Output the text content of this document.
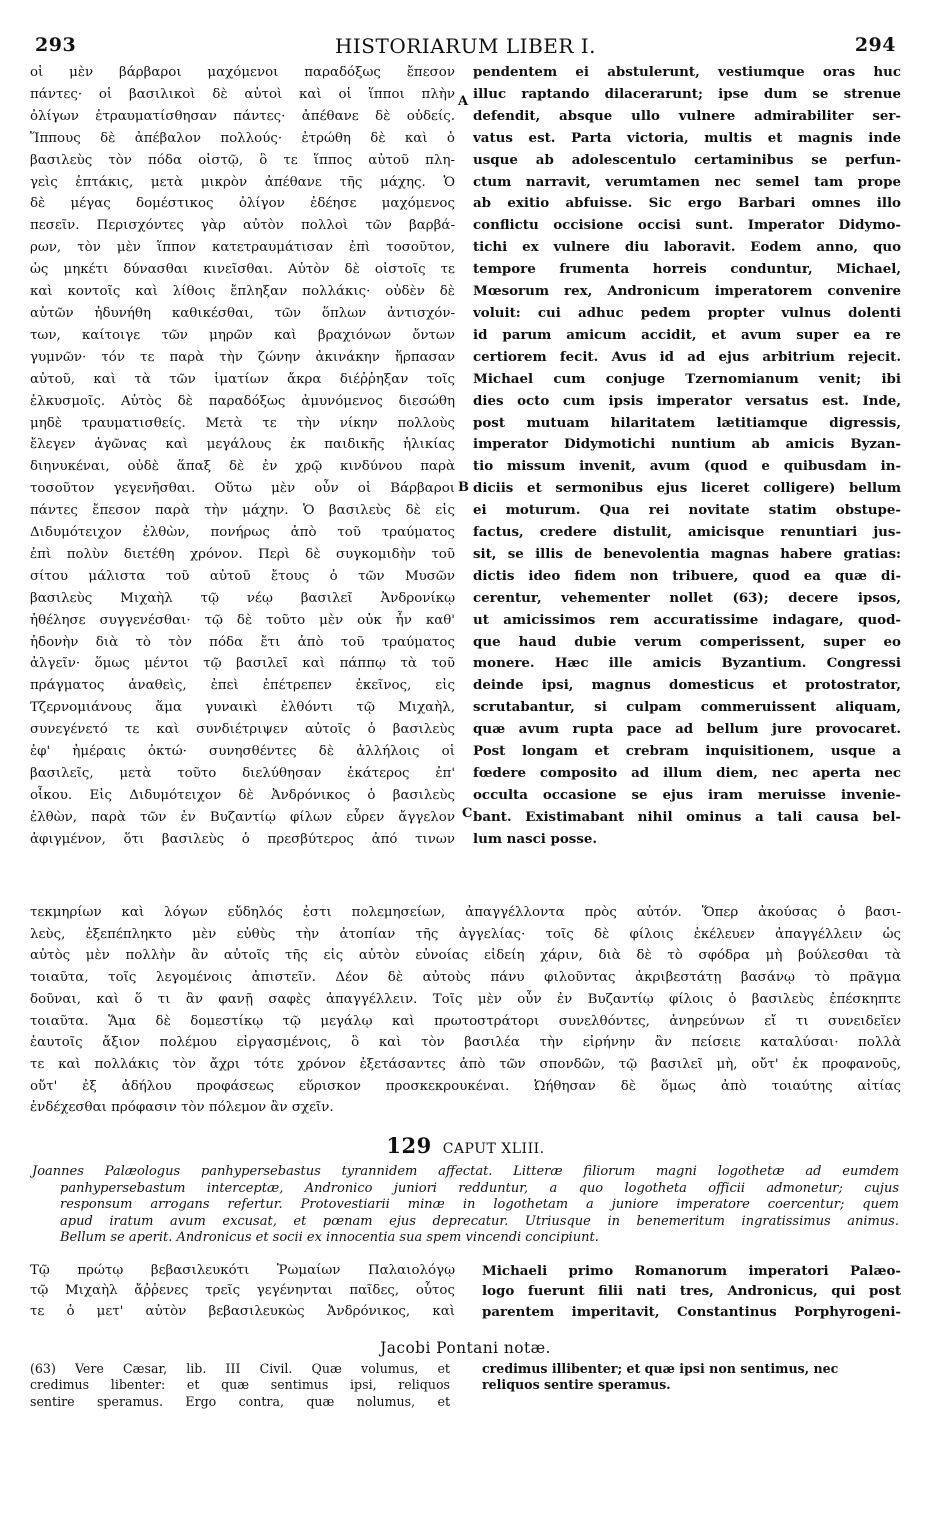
293	HISTORIARUM LIBER I.	294
οἱ μὲν βάρβαροι μαχόμενοι παραδόξως ἔπεσον
πάντες· οἱ βασιλικοὶ δὲ αὐτοὶ καὶ οἱ ἵπποι πλὴν
ὀλίγων ἐτραυματίσθησαν πάντες· ἀπέθανε δὲ οὐδείς.
Ἵππους δὲ ἀπέβαλον πολλούς· ἐτρώθη δὲ καὶ ὁ
βασιλεὺς τὸν πόδα οἰστῷ, ὃ τε ἵππος αὐτοῦ πλη-
γεὶς ἑπτάκις, μετὰ μικρὸν ἀπέθανε τῆς μάχης. Ὁ
δὲ μέγας δομέστικος ὀλίγον ἐδέησε μαχόμενος
πεσεῖν. Περισχόντες γὰρ αὐτὸν πολλοὶ τῶν βαρβά-
ρων, τὸν μὲν ἵππον κατετραυμάτισαν ἐπὶ τοσοῦτον,
ὡς μηκέτι δύνασθαι κινεῖσθαι. Αὐτὸν δὲ οἰστοῖς τε
καὶ κοντοῖς καὶ λίθοις ἔπληξαν πολλάκις· οὐδὲν δὲ
αὐτῶν ἠδυνήθη καθικέσθαι, τῶν ὅπλων ἀντισχόν-
των, καίτοιγε τῶν μηρῶν καὶ βραχιόνων ὄντων
γυμνῶν· τόν τε παρὰ τὴν ζώνην ἀκινάκην ἥρπασαν
αὐτοῦ, καὶ τὰ τῶν ἱματίων ἄκρα διέῤῥηξαν τοῖς
ἑλκυσμοῖς. Αὐτὸς δὲ παραδόξως ἀμυνόμενος διεσώθη
μηδὲ τραυματισθείς. Μετὰ τε τὴν νίκην πολλοὺς
ἔλεγεν ἀγῶνας καὶ μεγάλους ἐκ παιδικῆς ἡλικίας
διηνυκέναι, οὐδὲ ἅπαξ δὲ ἐν χρῷ κινδύνου παρὰ
τοσοῦτον γεγενῆσθαι. Οὕτω μὲν οὖν οἱ Βάρβαροι
πάντες ἔπεσον παρὰ τὴν μάχην. Ὁ βασιλεὺς δὲ εἰς
Διδυμότειχον ἐλθὼν, πονήρως ἀπὸ τοῦ τραύματος
ἐπὶ πολὺν διετέθη χρόνον. Περὶ δὲ συγκομιδὴν τοῦ
σίτου μάλιστα τοῦ αὐτοῦ ἔτους ὁ τῶν Μυσῶν
βασιλεὺς Μιχαὴλ τῷ νέῳ βασιλεῖ Ἀνδρονίκῳ
ἠθέλησε συγγενέσθαι· τῷ δὲ τοῦτο μὲν οὐκ ἦν καθ'
ἡδονὴν διὰ τὸ τὸν πόδα ἔτι ἀπὸ τοῦ τραύματος
ἀλγεῖν· ὅμως μέντοι τῷ βασιλεῖ καὶ πάππῳ τὰ τοῦ
πράγματος ἀναθεὶς, ἐπεὶ ἐπέτρεπεν ἐκεῖνος, εἰς
Τζερνομιάνους ἅμα γυναικὶ ἐλθόντι τῷ Μιχαὴλ,
συνεγένετό τε καὶ συνδιέτριψεν αὐτοῖς ὁ βασιλεὺς
ἐφ' ἡμέραις ὀκτώ· συνησθέντες δὲ ἀλλήλοις οἱ
βασιλεῖς, μετὰ τοῦτο διελύθησαν ἑκάτερος ἐπ'
οἶκου. Εἰς Διδυμότειχον δὲ Ἀνδρόνικος ὁ βασιλεὺς
ἐλθὼν, παρὰ τῶν ἐν Βυζαντίῳ φίλων εὗρεν ἄγγελον
ἀφιγμένον, ὅτι βασιλεὺς ὁ πρεσβύτερος ἀπό τινων
A
B
C
pendentem ei abstulerunt, vestiumque oras huc
illuc raptando dilacerarunt; ipse dum se strenue
defendit, absque ullo vulnere admirabiliter ser-
vatus est. Parta victoria, multis et magnis inde
usque ab adolescentulo certaminibus se perfun-
ctum narravit, verumtamen nec semel tam prope
ab exitio abfuisse. Sic ergo Barbari omnes illo
conflictu occisione occisi sunt. Imperator Didymo-
tichi ex vulnere diu laboravit. Eodem anno, quo
tempore frumenta horreis conduntur, Michael,
Mœsorum rex, Andronicum imperatorem convenire
voluit: cui adhuc pedem propter vulnus dolenti
id parum amicum accidit, et avum super ea re
certiorem fecit. Avus id ad ejus arbitrium rejecit.
Michael cum conjuge Tzernomianum venit; ibi
dies octo cum ipsis imperator versatus est. Inde,
post mutuam hilaritatem lætitiamque digressis,
imperator Didymotichi nuntium ab amicis Byzan-
tio missum invenit, avum (quod e quibusdam in-
diciis et sermonibus ejus liceret colligere) bellum
ei moturum. Qua rei novitate statim obstupe-
factus, credere distulit, amicisque renuntiari jus-
sit, se illis de benevolentia magnas habere gratias:
dictis ideo fidem non tribuere, quod ea quæ di-
cerentur, vehementer nollet (63); decere ipsos,
ut amicissimos rem accuratissime indagare, quod-
que haud dubie verum comperissent, super eo
monere. Hæc ille amicis Byzantium. Congressi
deinde ipsi, magnus domesticus et protostrator,
scrutabantur, si culpam commeruissent aliquam,
quæ avum rupta pace ad bellum jure provocaret.
Post longam et crebram inquisitionem, usque a
fœdere composito ad illum diem, nec aperta nec
occulta occasione se ejus iram meruisse invenie-
bant. Existimabant nihil ominus a tali causa bel-
lum nasci posse.
τεκμηρίων καὶ λόγων εὔδηλός ἐστι πολεμησείων, ἀπαγγέλλοντα πρὸς αὐτόν. Ὅπερ ἀκούσας ὁ βασι-
λεὺς, ἐξεπέπληκτο μὲν εὐθὺς τὴν ἀτοπίαν τῆς ἀγγελίας· τοῖς δὲ φίλοις ἐκέλευεν ἀπαγγέλλειν ὡς
αὐτὸς μὲν πολλὴν ἂν αὐτοῖς τῆς εἰς αὐτὸν εὐνοίας εἰδείη χάριν, διὰ δὲ τὸ σφόδρα μὴ βούλεσθαι τὰ
τοιαῦτα, τοῖς λεγομένοις ἀπιστεῖν. Δέον δὲ αὐτοὺς πάνυ φιλοῦντας ἀκριβεστάτῃ βασάνῳ τὸ πρᾶγμα
δοῦναι, καὶ ὅ τι ἂν φανῇ σαφὲς ἀπαγγέλλειν. Τοῖς μὲν οὖν ἐν Βυζαντίῳ φίλοις ὁ βασιλεὺς ἐπέσκηπτε
τοιαῦτα. Ἅμα δὲ δομεστίκῳ τῷ μεγάλῳ καὶ πρωτοστράτορι συνελθόντες, ἀνηρεύνων εἴ τι συνειδεῖεν
ἑαυτοῖς ἄξιον πολέμου εἰργασμένοις, ὃ καὶ τὸν βασιλέα τὴν εἰρήνην ἂν πείσειε καταλύσαι· πολλὰ
τε καὶ πολλάκις τὸν ἄχρι τότε χρόνον ἐξετάσαντες ἀπὸ τῶν σπονδῶν, τῷ βασιλεῖ μὴ, οὔτ' ἐκ προφανοῦς,
οὔτ' ἐξ ἀδήλου προφάσεως εὕρισκον προσκεκρουκέναι. Ὠήθησαν δὲ ὅμως ἀπὸ τοιαύτης αἰτίας
ἐνδέχεσθαι πρόφασιν τὸν πόλεμον ἂν σχεῖν.
129 CAPUT XLIII.
Joannes Palæologus panhypersebastus tyrannidem affectat. Litteræ filiorum magni logothetæ ad eumdem
panhypersebastum interceptæ, Andronico juniori redduntur, a quo logotheta officii admonetur; cujus
responsum arrogans refertur. Protovestiarii minæ in logothetam a juniore imperatore coercentur; quem
apud iratum avum excusat, et pœnam ejus deprecatur. Utriusque in benemeritum ingratissimus animus.
Bellum se aperit. Andronicus et socii ex innocentia sua spem vincendi concipiunt.
Τῷ πρώτῳ βεβασιλευκότι Ῥωμαίων Παλαιολόγῳ
τῷ Μιχαὴλ ἄῤῥενες τρεῖς γεγένηνται παῖδες, οὗτος
τε ὁ μετ' αὐτὸν βεβασιλευκὼς Ἀνδρόνικος, καὶ
Michaeli primo Romanorum imperatori Palæo-
logo fuerunt filii nati tres, Andronicus, qui post
parentem imperitavit, Constantinus Porphyrogeni-
Jacobi Pontani notæ.
(63) Vere Cæsar, lib. III Civil. Quæ volumus, et
credimus libenter: et quæ sentimus ipsi, reliquos
sentire speramus. Ergo contra, quæ nolumus, et
credimus illibenter; et quæ ipsi non sentimus, nec
reliquos sentire speramus.
